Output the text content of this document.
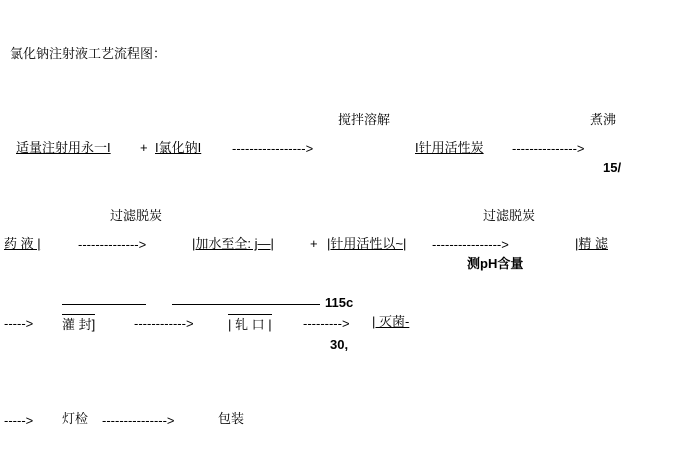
氯化钠注射液工艺流程图：
搅拌溶解	煮沸
适量注射用永一I + I氯化钠I ----------------->	I针用活性炭 --------------->
15/
过滤脱炭	过滤脱炭
药 液 |	-------------->	|加水至全: j—|	+ |针用活性以~| ---------------->	|精 滤
测pH含量
115c
-----> 灌 封]	------------>	| 轧 口 | ---------> | 灭菌-
30,
-----> 灯检 --------------->	包装
